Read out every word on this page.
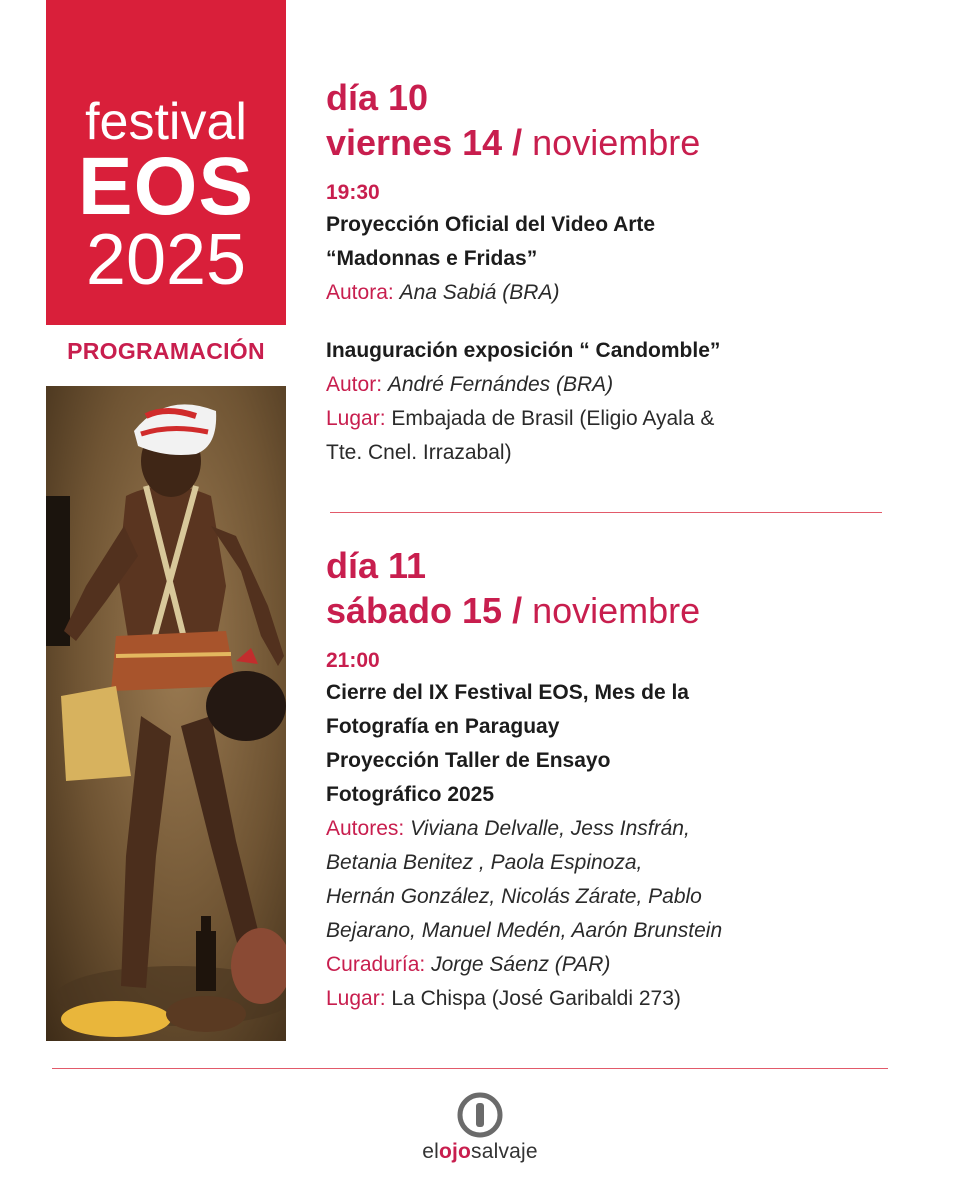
festival
EOS
2025
PROGRAMACIÓN

día 10

viernes 14 / noviembre

19:30

Proyección Oficial del Video Arte

“Madonnas e Fridas”

Autora: Ana Sabiá (BRA)

Inauguración exposición “ Candomble”

Autor: André Fernándes (BRA)

Lugar: Embajada de Brasil (Eligio Ayala &

Tte. Cnel. Irrazabal)

día 11

sábado 15 / noviembre

21:00

Cierre del IX Festival EOS, Mes de la

Fotografía en Paraguay

Proyección Taller de Ensayo

Fotográfico 2025

Autores: Viviana Delvalle, Jess Insfrán,

Betania Benitez , Paola Espinoza,

Hernán González, Nicolás Zárate, Pablo

Bejarano, Manuel Medén, Aarón Brunstein

Curaduría: Jorge Sáenz (PAR)

Lugar: La Chispa (José Garibaldi 273)

elojosalvaje
